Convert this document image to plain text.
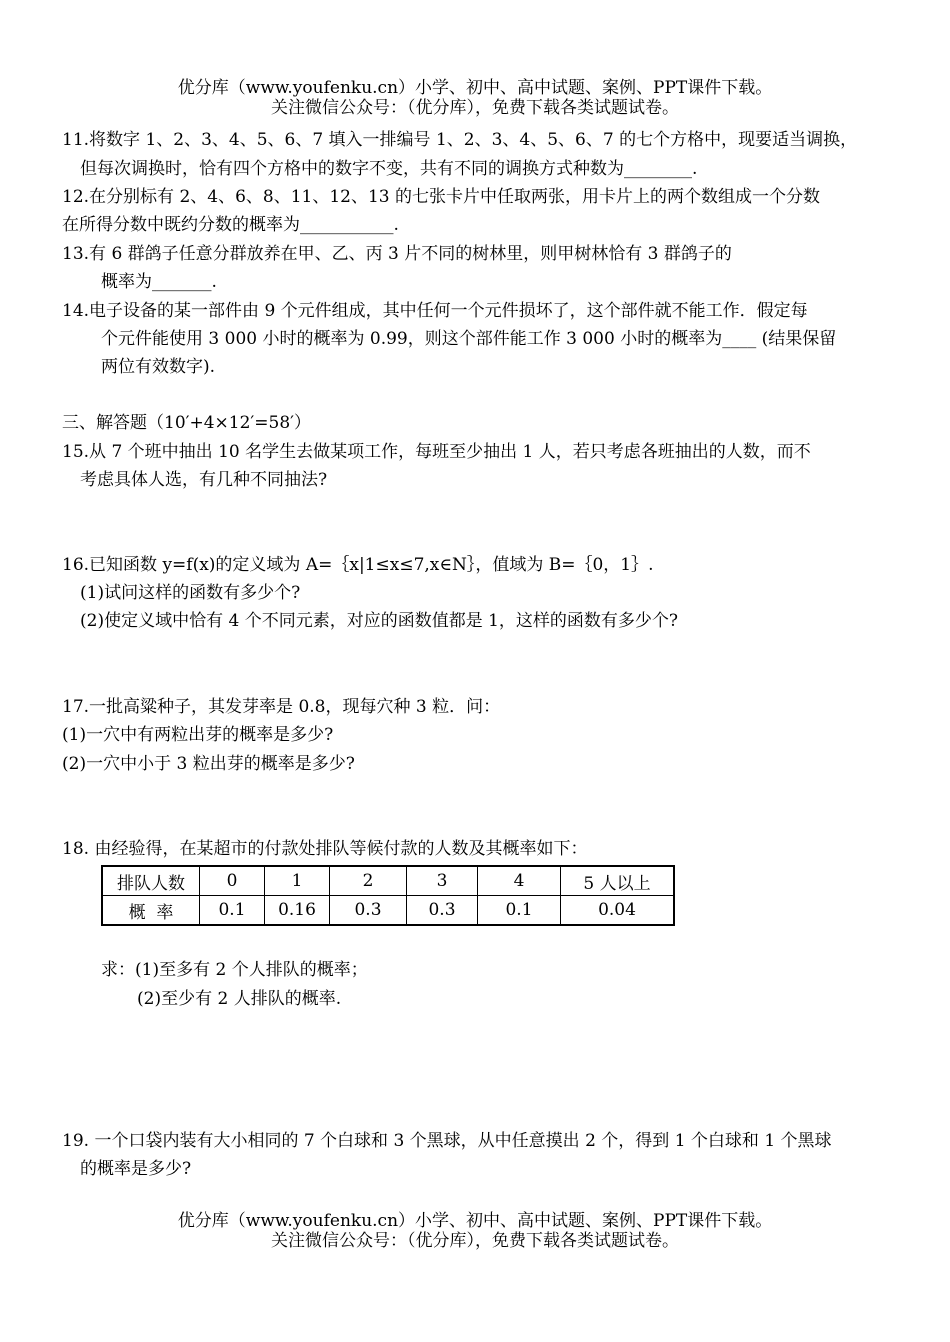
优分库（www.youfenku.cn）小学、初中、高中试题、案例、PPT课件下载。
关注微信公众号：（优分库），免费下载各类试题试卷。
11.将数字 1、2、3、4、5、6、7 填入一排编号 1、2、3、4、5、6、7 的七个方格中，现要适当调换，
但每次调换时，恰有四个方格中的数字不变，共有不同的调换方式种数为________.
12.在分别标有 2、4、6、8、11、12、13 的七张卡片中任取两张，用卡片上的两个数组成一个分数
在所得分数中既约分数的概率为___________.
13.有 6 群鸽子任意分群放养在甲、乙、丙 3 片不同的树林里，则甲树林恰有 3 群鸽子的
概率为_______.
14.电子设备的某一部件由 9 个元件组成，其中任何一个元件损坏了，这个部件就不能工作．假定每
个元件能使用 3 000 小时的概率为 0.99，则这个部件能工作 3 000 小时的概率为____ (结果保留
两位有效数字).
三、解答题（10′+4×12′=58′）
15.从 7 个班中抽出 10 名学生去做某项工作，每班至少抽出 1 人，若只考虑各班抽出的人数，而不
考虑具体人选，有几种不同抽法?
16.已知函数 y=f(x)的定义域为 A=｛x|1≤x≤7,x∈N｝，值域为 B=｛0，1｝.
(1)试问这样的函数有多少个?
(2)使定义域中恰有 4 个不同元素，对应的函数值都是 1，这样的函数有多少个?
17.一批高粱种子，其发芽率是 0.8，现每穴种 3 粒．问：
(1)一穴中有两粒出芽的概率是多少?
(2)一穴中小于 3 粒出芽的概率是多少?
18. 由经验得，在某超市的付款处排队等候付款的人数及其概率如下：
排队人数	0	1	2	3	4	5 人以上
概  率	0.1	0.16	0.3	0.3	0.1	0.04
求：(1)至多有 2 个人排队的概率；
(2)至少有 2 人排队的概率.
19. 一个口袋内装有大小相同的 7 个白球和 3 个黑球，从中任意摸出 2 个，得到 1 个白球和 1 个黑球
的概率是多少?
优分库（www.youfenku.cn）小学、初中、高中试题、案例、PPT课件下载。
关注微信公众号：（优分库），免费下载各类试题试卷。
